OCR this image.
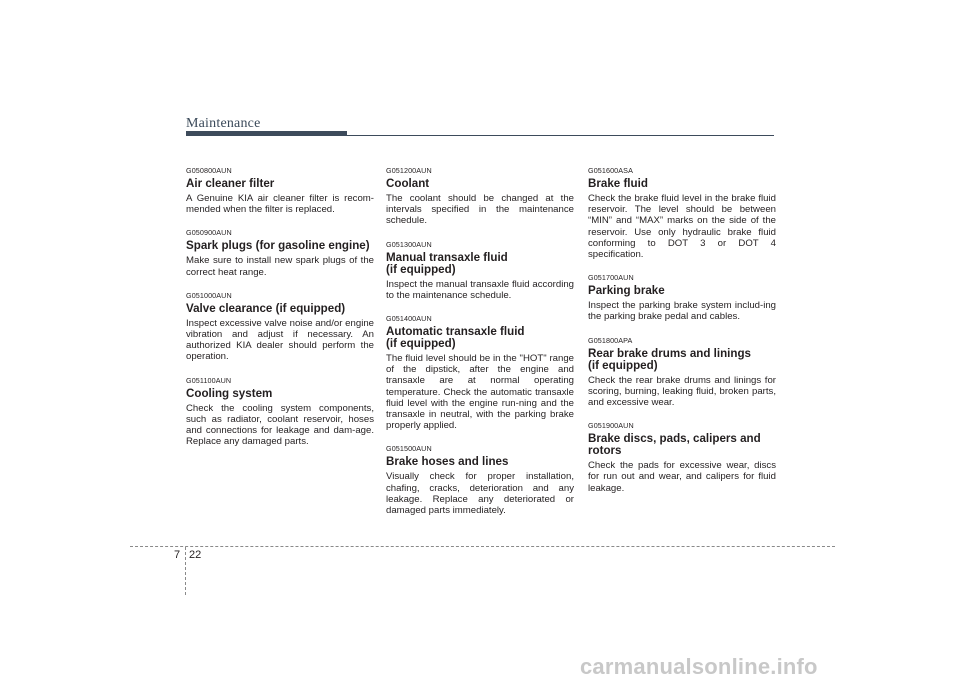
Maintenance
G050800AUN
Air cleaner filter
A Genuine KIA air cleaner filter is recom-mended when the filter is replaced.
G050900AUN
Spark plugs (for gasoline engine)
Make sure to install new spark plugs of the correct heat range.
G051000AUN
Valve clearance (if equipped)
Inspect excessive valve noise and/or engine vibration and adjust if necessary. An authorized KIA dealer should perform the operation.
G051100AUN
Cooling system
Check the cooling system components, such as radiator, coolant reservoir, hoses and connections for leakage and dam-age. Replace any damaged parts.
G051200AUN
Coolant
The coolant should be changed at the intervals specified in the maintenance schedule.
G051300AUN
Manual transaxle fluid
(if equipped)
Inspect the manual transaxle fluid according to the maintenance schedule.
G051400AUN
Automatic transaxle fluid
(if equipped)
The fluid level should be in the "HOT" range of the dipstick, after the engine and transaxle are at normal operating temperature. Check the automatic transaxle fluid level with the engine run-ning and the transaxle in neutral, with the parking brake properly applied.
G051500AUN
Brake hoses and lines
Visually check for proper installation, chafing, cracks, deterioration and any leakage. Replace any deteriorated or damaged parts immediately.
G051600ASA
Brake fluid
Check the brake fluid level in the brake fluid reservoir. The level should be between “MIN” and “MAX” marks on the side of the reservoir. Use only hydraulic brake fluid conforming to DOT 3 or DOT 4 specification.
G051700AUN
Parking brake
Inspect the parking brake system includ-ing the parking brake pedal and cables.
G051800APA
Rear brake drums and linings
(if equipped)
Check the rear brake drums and linings for scoring, burning, leaking fluid, broken parts, and excessive wear.
G051900AUN
Brake discs, pads, calipers and
rotors
Check the pads for excessive wear, discs for run out and wear, and calipers for fluid leakage.
7 22
carmanualsonline.info
